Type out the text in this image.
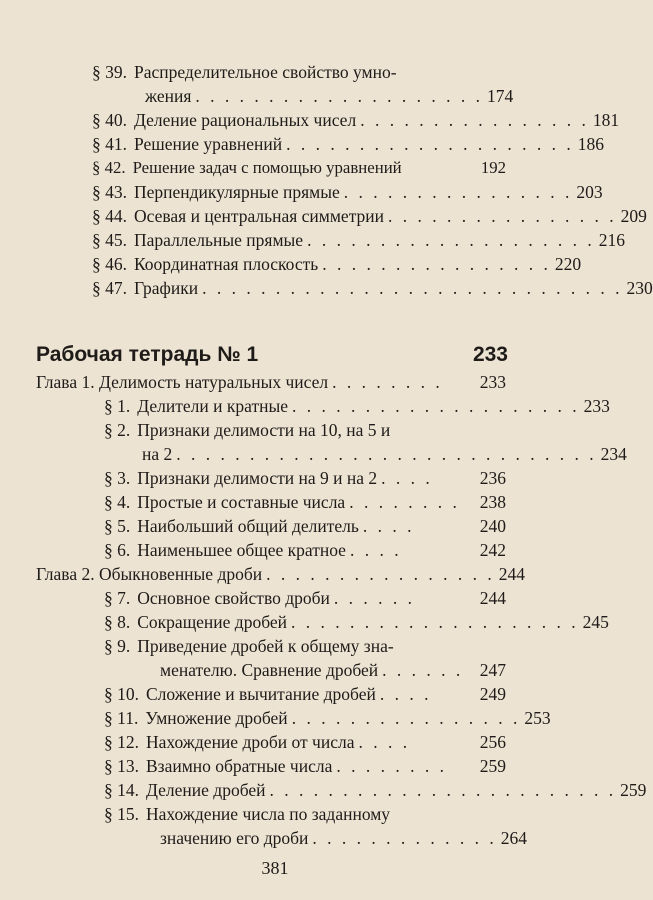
§ 39. Распределительное свойство умно-
жения . . . . . . . . . . . . . . . . . . . . 174
§ 40. Деление рациональных чисел . . . . . . . . . . . . . . . . 181
§ 41. Решение уравнений . . . . . . . . . . . . . . . . . . . . 186
§ 42. Решение задач с помощью уравнений	192
§ 43. Перпендикулярные прямые . . . . . . . . . . . . . . . . 203
§ 44. Осевая и центральная симметрии . . . . . . . . . . . . . . . . 209
§ 45. Параллельные прямые . . . . . . . . . . . . . . . . . . . . 216
§ 46. Координатная плоскость . . . . . . . . . . . . . . . . 220
§ 47. Графики . . . . . . . . . . . . . . . . . . . . . . . . . . . . . 230
Рабочая тетрадь № 1	233
Глава 1. Делимость натуральных чисел . . . . . . . .	233
§ 1. Делители и кратные . . . . . . . . . . . . . . . . . . . . 233
§ 2. Признаки делимости на 10, на 5 и
на 2 . . . . . . . . . . . . . . . . . . . . . . . . . . . . . 234
§ 3. Признаки делимости на 9 и на 2 . . . .	236
§ 4. Простые и составные числа . . . . . . . .	238
§ 5. Наибольший общий делитель . . . .	240
§ 6. Наименьшее общее кратное . . . .	242
Глава 2. Обыкновенные дроби . . . . . . . . . . . . . . . . 244
§ 7. Основное свойство дроби . . . . . .	244
§ 8. Сокращение дробей . . . . . . . . . . . . . . . . . . . . 245
§ 9. Приведение дробей к общему зна-
менателю. Сравнение дробей . . . . . . 247
§ 10. Сложение и вычитание дробей . . . .	249
§ 11. Умножение дробей . . . . . . . . . . . . . . . . 253
§ 12. Нахождение дроби от числа . . . .	256
§ 13. Взаимно обратные числа . . . . . . . .	259
§ 14. Деление дробей . . . . . . . . . . . . . . . . . . . . . . . . 259
§ 15. Нахождение числа по заданному
значению его дроби . . . . . . . . . . . . . 264
381
